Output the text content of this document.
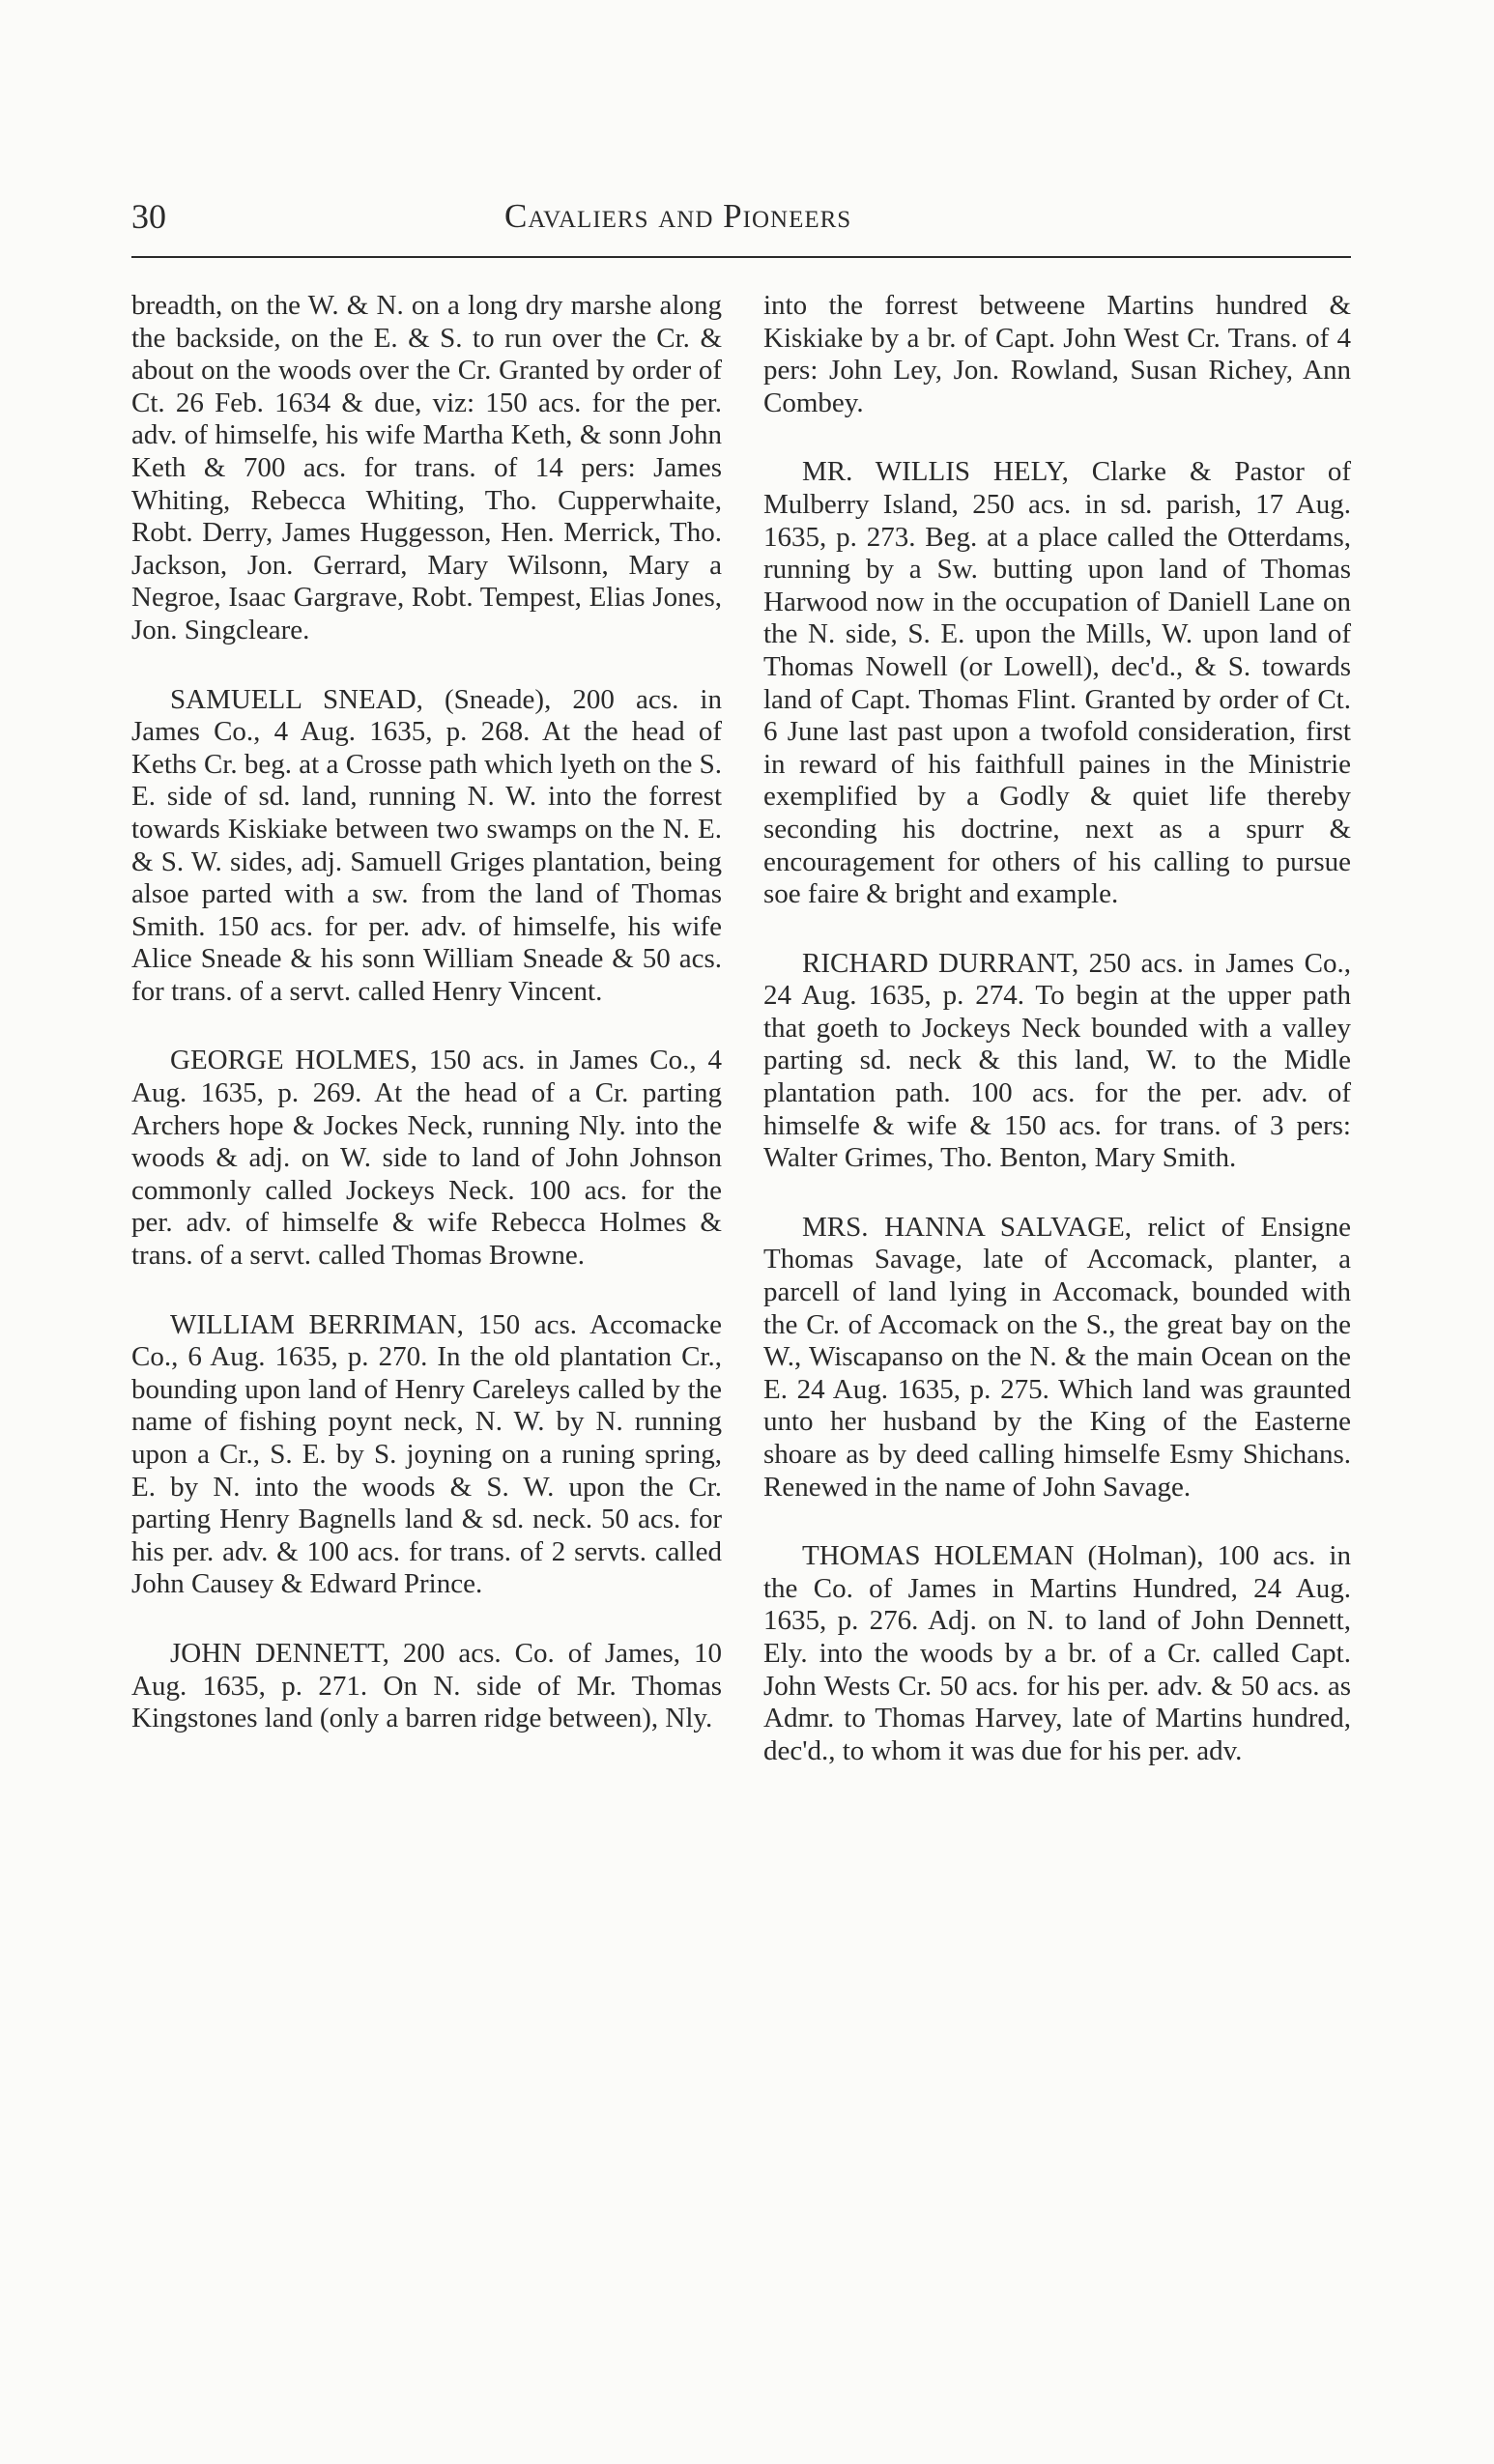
30	Cavaliers and Pioneers

breadth, on the W. & N. on a long dry marshe along the backside, on the E. & S. to run over the Cr. & about on the woods over the Cr. Granted by order of Ct. 26 Feb. 1634 & due, viz: 150 acs. for the per. adv. of himselfe, his wife Martha Keth, & sonn John Keth & 700 acs. for trans. of 14 pers: James Whiting, Rebecca Whiting, Tho. Cupperwhaite, Robt. Derry, James Huggesson, Hen. Merrick, Tho. Jackson, Jon. Gerrard, Mary Wilsonn, Mary a Negroe, Isaac Gargrave, Robt. Tempest, Elias Jones, Jon. Singcleare.

SAMUELL SNEAD, (Sneade), 200 acs. in James Co., 4 Aug. 1635, p. 268. At the head of Keths Cr. beg. at a Crosse path which lyeth on the S. E. side of sd. land, running N. W. into the forrest towards Kiskiake between two swamps on the N. E. & S. W. sides, adj. Samuell Griges plantation, being alsoe parted with a sw. from the land of Thomas Smith. 150 acs. for per. adv. of himselfe, his wife Alice Sneade & his sonn William Sneade & 50 acs. for trans. of a servt. called Henry Vincent.

GEORGE HOLMES, 150 acs. in James Co., 4 Aug. 1635, p. 269. At the head of a Cr. parting Archers hope & Jockes Neck, running Nly. into the woods & adj. on W. side to land of John Johnson commonly called Jockeys Neck. 100 acs. for the per. adv. of himselfe & wife Rebecca Holmes & trans. of a servt. called Thomas Browne.

WILLIAM BERRIMAN, 150 acs. Accomacke Co., 6 Aug. 1635, p. 270. In the old plantation Cr., bounding upon land of Henry Careleys called by the name of fishing poynt neck, N. W. by N. running upon a Cr., S. E. by S. joyning on a runing spring, E. by N. into the woods & S. W. upon the Cr. parting Henry Bagnells land & sd. neck. 50 acs. for his per. adv. & 100 acs. for trans. of 2 servts. called John Causey & Edward Prince.

JOHN DENNETT, 200 acs. Co. of James, 10 Aug. 1635, p. 271. On N. side of Mr. Thomas Kingstones land (only a barren ridge between), Nly.

into the forrest betweene Martins hundred & Kiskiake by a br. of Capt. John West Cr. Trans. of 4 pers: John Ley, Jon. Rowland, Susan Richey, Ann Combey.

MR. WILLIS HELY, Clarke & Pastor of Mulberry Island, 250 acs. in sd. parish, 17 Aug. 1635, p. 273. Beg. at a place called the Otterdams, running by a Sw. butting upon land of Thomas Harwood now in the occupation of Daniell Lane on the N. side, S. E. upon the Mills, W. upon land of Thomas Nowell (or Lowell), dec'd., & S. towards land of Capt. Thomas Flint. Granted by order of Ct. 6 June last past upon a twofold consideration, first in reward of his faithfull paines in the Ministrie exemplified by a Godly & quiet life thereby seconding his doctrine, next as a spurr & encouragement for others of his calling to pursue soe faire & bright and example.

RICHARD DURRANT, 250 acs. in James Co., 24 Aug. 1635, p. 274. To begin at the upper path that goeth to Jockeys Neck bounded with a valley parting sd. neck & this land, W. to the Midle plantation path. 100 acs. for the per. adv. of himselfe & wife & 150 acs. for trans. of 3 pers: Walter Grimes, Tho. Benton, Mary Smith.

MRS. HANNA SALVAGE, relict of Ensigne Thomas Savage, late of Accomack, planter, a parcell of land lying in Accomack, bounded with the Cr. of Accomack on the S., the great bay on the W., Wiscapanso on the N. & the main Ocean on the E. 24 Aug. 1635, p. 275. Which land was graunted unto her husband by the King of the Easterne shoare as by deed calling himselfe Esmy Shichans. Renewed in the name of John Savage.

THOMAS HOLEMAN (Holman), 100 acs. in the Co. of James in Martins Hundred, 24 Aug. 1635, p. 276. Adj. on N. to land of John Dennett, Ely. into the woods by a br. of a Cr. called Capt. John Wests Cr. 50 acs. for his per. adv. & 50 acs. as Admr. to Thomas Harvey, late of Martins hundred, dec'd., to whom it was due for his per. adv.
